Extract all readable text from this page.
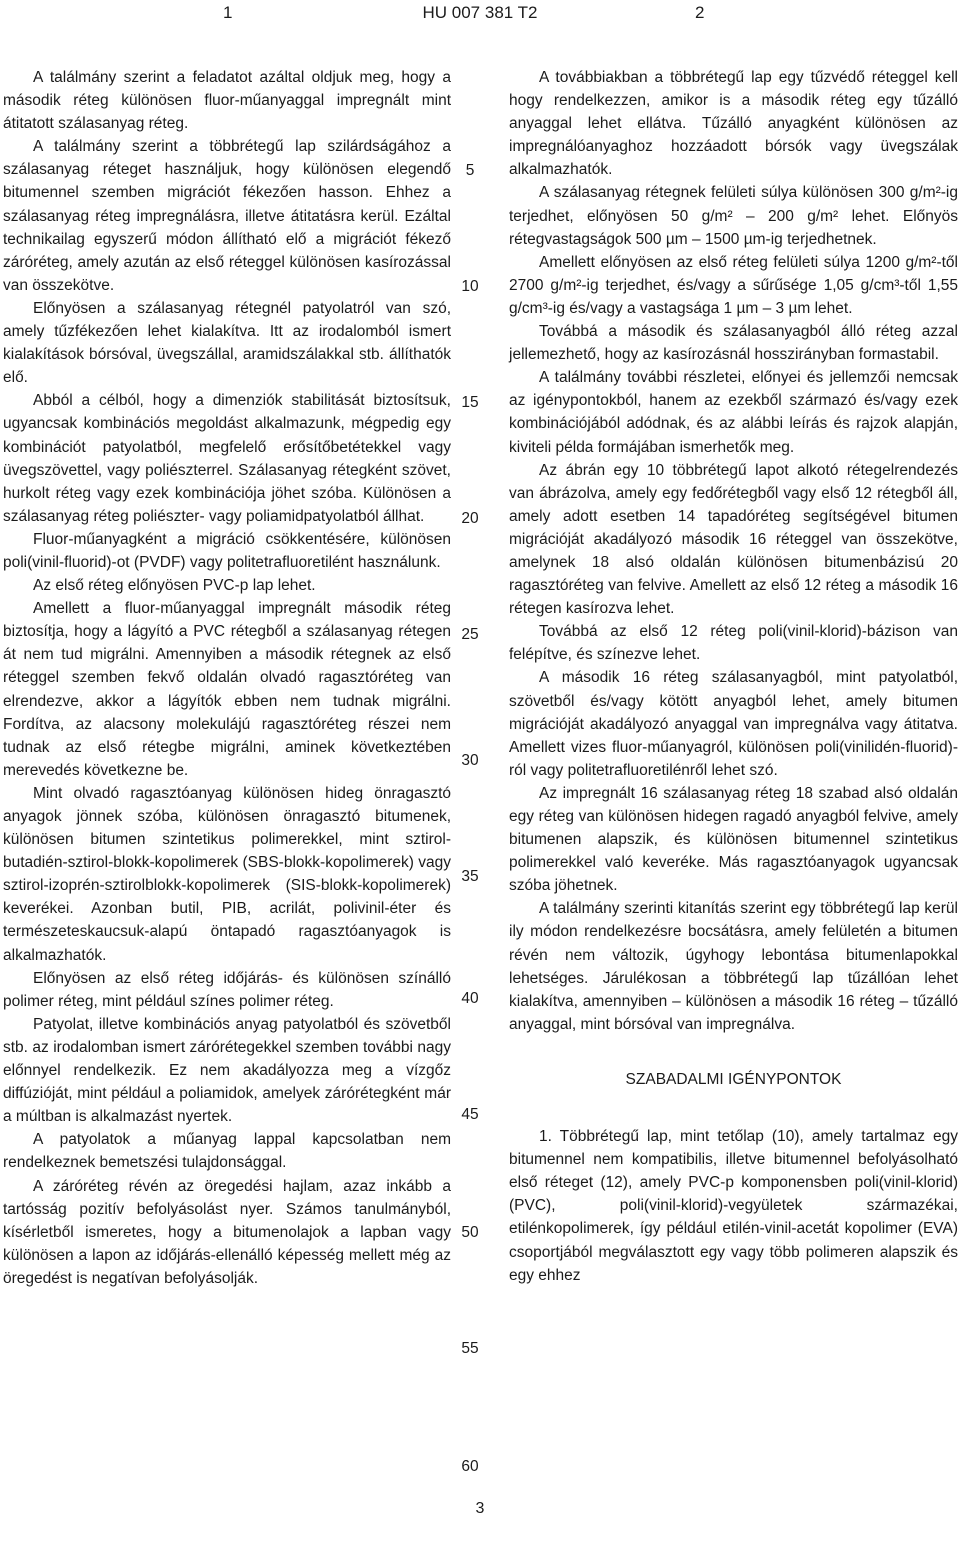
1	HU 007 381 T2	2

A találmány szerint a feladatot azáltal oldjuk meg, hogy a második réteg különösen fluor-műanyaggal impregnált mint átitatott szálasanyag réteg.

A találmány szerint a többrétegű lap szilárdságához a szálasanyag réteget használjuk, hogy különösen elegendő bitumennel szemben migrációt fékezően hasson. Ehhez a szálasanyag réteg impregnálásra, illetve átitatásra kerül. Ezáltal technikailag egyszerű módon állítható elő a migrációt fékező záróréteg, amely azután az első réteggel különösen kasírozással van összekötve.

Előnyösen a szálasanyag rétegnél patyolatról van szó, amely tűzfékezően lehet kialakítva. Itt az irodalomból ismert kialakítások bórsóval, üvegszállal, aramidszálakkal stb. állíthatók elő.

Abból a célból, hogy a dimenziók stabilitását biztosítsuk, ugyancsak kombinációs megoldást alkalmazunk, mégpedig egy kombinációt patyolatból, megfelelő erősítőbetétekkel vagy üvegszövettel, vagy poliészterrel. Szálasanyag rétegként szövet, hurkolt réteg vagy ezek kombinációja jöhet szóba. Különösen a szálasanyag réteg poliészter- vagy poliamidpatyolatból állhat.

Fluor-műanyagként a migráció csökkentésére, különösen poli(vinil-fluorid)-ot (PVDF) vagy politetrafluoretilént használunk.

Az első réteg előnyösen PVC-p lap lehet.

Amellett a fluor-műanyaggal impregnált második réteg biztosítja, hogy a lágyító a PVC rétegből a szálasanyag rétegen át nem tud migrálni. Amennyiben a második rétegnek az első réteggel szemben fekvő oldalán olvadó ragasztóréteg van elrendezve, akkor a lágyítók ebben nem tudnak migrálni. Fordítva, az alacsony molekulájú ragasztóréteg részei nem tudnak az első rétegbe migrálni, aminek következtében merevedés következne be.

Mint olvadó ragasztóanyag különösen hideg önragasztó anyagok jönnek szóba, különösen önragasztó bitumenek, különösen bitumen szintetikus polimerekkel, mint sztirol-butadién-sztirol-blokk-kopolimerek (SBS-blokk-kopolimerek) vagy sztirol-izoprén-sztirolblokk-kopolimerek (SIS-blokk-kopolimerek) keverékei. Azonban butil, PIB, acrilát, polivinil-éter és természeteskaucsuk-alapú öntapadó ragasztóanyagok is alkalmazhatók.

Előnyösen az első réteg időjárás- és különösen színálló polimer réteg, mint például színes polimer réteg.

Patyolat, illetve kombinációs anyag patyolatból és szövetből stb. az irodalomban ismert zárórétegekkel szemben további nagy előnnyel rendelkezik. Ez nem akadályozza meg a vízgőz diffúzióját, mint például a poliamidok, amelyek zárórétegként már a múltban is alkalmazást nyertek.

A patyolatok a műanyag lappal kapcsolatban nem rendelkeznek bemetszési tulajdonsággal.

A záróréteg révén az öregedési hajlam, azaz inkább a tartósság pozitív befolyásolást nyer. Számos tanulmányból, kísérletből ismeretes, hogy a bitumenolajok a lapban vagy különösen a lapon az időjárás-ellenálló képesség mellett még az öregedést is negatívan befolyásolják.

5
10
15
20
25
30
35
40
45
50
55
60

A továbbiakban a többrétegű lap egy tűzvédő réteggel kell hogy rendelkezzen, amikor is a második réteg egy tűzálló anyaggal lehet ellátva. Tűzálló anyagként különösen az impregnálóanyaghoz hozzáadott bórsók vagy üvegszálak alkalmazhatók.

A szálasanyag rétegnek felületi súlya különösen 300 g/m²-ig terjedhet, előnyösen 50 g/m² – 200 g/m² lehet. Előnyös rétegvastagságok 500 µm – 1500 µm-ig terjedhetnek.

Amellett előnyösen az első réteg felületi súlya 1200 g/m²-től 2700 g/m²-ig terjedhet, és/vagy a sűrűsége 1,05 g/cm³-től 1,55 g/cm³-ig és/vagy a vastagsága 1 µm – 3 µm lehet.

Továbbá a második és szálasanyagból álló réteg azzal jellemezhető, hogy az kasírozásnál hosszirányban formastabil.

A találmány további részletei, előnyei és jellemzői nemcsak az igénypontokból, hanem az ezekből származó és/vagy ezek kombinációjából adódnak, és az alábbi leírás és rajzok alapján, kiviteli példa formájában ismerhetők meg.

Az ábrán egy 10 többrétegű lapot alkotó rétegelrendezés van ábrázolva, amely egy fedőrétegből vagy első 12 rétegből áll, amely adott esetben 14 tapadóréteg segítségével bitumen migrációját akadályozó második 16 réteggel van összekötve, amelynek 18 alsó oldalán különösen bitumenbázisú 20 ragasztóréteg van felvive. Amellett az első 12 réteg a második 16 rétegen kasírozva lehet.

Továbbá az első 12 réteg poli(vinil-klorid)-bázison van felépítve, és színezve lehet.

A második 16 réteg szálasanyagból, mint patyolatból, szövetből és/vagy kötött anyagból lehet, amely bitumen migrációját akadályozó anyaggal van impregnálva vagy átitatva. Amellett vizes fluor-műanyagról, különösen poli(vinilidén-fluorid)-ról vagy politetrafluoretilénről lehet szó.

Az impregnált 16 szálasanyag réteg 18 szabad alsó oldalán egy réteg van különösen hidegen ragadó anyagból felvive, amely bitumenen alapszik, és különösen bitumennel szintetikus polimerekkel való keveréke. Más ragasztóanyagok ugyancsak szóba jöhetnek.

A találmány szerinti kitanítás szerint egy többrétegű lap kerül ily módon rendelkezésre bocsátásra, amely felületén a bitumen révén nem változik, úgyhogy lebontása bitumenlapokkal lehetséges. Járulékosan a többrétegű lap tűzállóan lehet kialakítva, amennyiben – különösen a második 16 réteg – tűzálló anyaggal, mint bórsóval van impregnálva.

SZABADALMI IGÉNYPONTOK

1. Többrétegű lap, mint tetőlap (10), amely tartalmaz egy bitumennel nem kompatibilis, illetve bitumennel befolyásolható első réteget (12), amely PVC-p komponensben poli(vinil-klorid) (PVC), poli(vinil-klorid)-vegyületek származékai, etilénkopolimerek, így például etilén-vinil-acetát kopolimer (EVA) csoportjából megválasztott egy vagy több polimeren alapszik és egy ehhez

3
